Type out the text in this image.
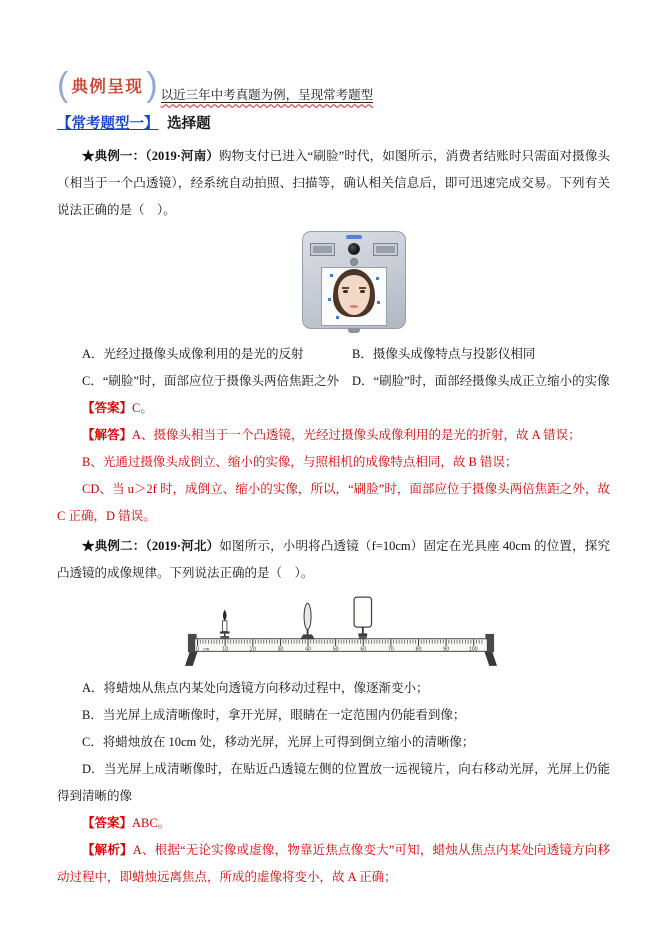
( 典例呈现 ) 以近三年中考真题为例，呈现常考题型
【常考题型一】 选择题

★典例一：（2019·河南）购物支付已进入“刷脸”时代，如图所示，消费者结账时只需面对摄像头（相当于一个凸透镜），经系统自动拍照、扫描等，确认相关信息后，即可迅速完成交易。下列有关说法正确的是（　）。

A．光经过摄像头成像利用的是光的反射	B．摄像头成像特点与投影仪相同
C．“刷脸”时，面部应位于摄像头两倍焦距之外	D．“刷脸”时，面部经摄像头成正立缩小的实像

【答案】C。

【解答】A、摄像头相当于一个凸透镜，光经过摄像头成像利用的是光的折射，故 A 错误；

B、光通过摄像头成倒立、缩小的实像，与照相机的成像特点相同，故 B 错误；

CD、当 u＞2f 时，成倒立、缩小的实像，所以，“刷脸”时，面部应位于摄像头两倍焦距之外，故 C 正确，D 错误。

★典例二：（2019·河北）如图所示，小明将凸透镜（f=10cm）固定在光具座 40cm 的位置，探究凸透镜的成像规律。下列说法正确的是（　）。

0 cm 10	20	30	40	50	60	70	80	90	100

A．将蜡烛从焦点内某处向透镜方向移动过程中，像逐渐变小；

B．当光屏上成清晰像时，拿开光屏，眼睛在一定范围内仍能看到像；

C．将蜡烛放在 10cm 处，移动光屏，光屏上可得到倒立缩小的清晰像；

D．当光屏上成清晰像时，在贴近凸透镜左侧的位置放一远视镜片，向右移动光屏，光屏上仍能得到清晰的像

【答案】ABC。

【解析】A、根据“无论实像或虚像，物靠近焦点像变大”可知，蜡烛从焦点内某处向透镜方向移动过程中，即蜡烛远离焦点，所成的虚像将变小，故 A 正确；
